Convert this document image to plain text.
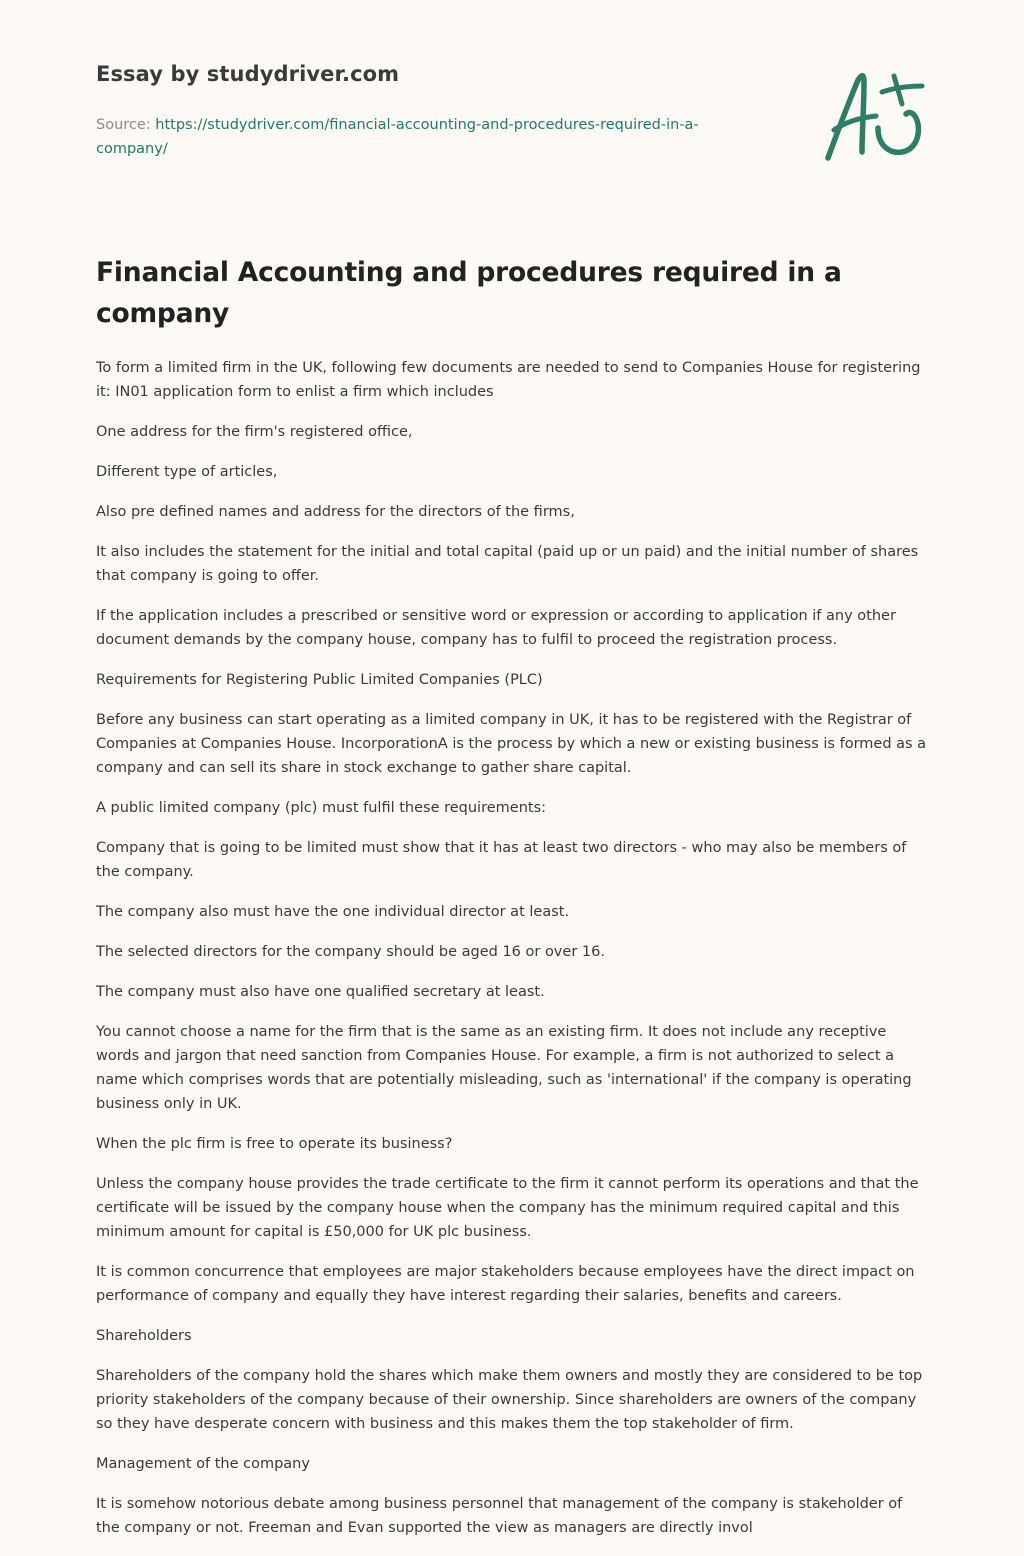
Essay by studydriver.com
Source: https://studydriver.com/financial-accounting-and-procedures-required-in-a-company/
Financial Accounting and procedures required in a company

To form a limited firm in the UK, following few documents are needed to send to Companies House for registering it: IN01 application form to enlist a firm which includes

One address for the firm's registered office,

Different type of articles,

Also pre defined names and address for the directors of the firms,

It also includes the statement for the initial and total capital (paid up or un paid) and the initial number of shares that company is going to offer.

If the application includes a prescribed or sensitive word or expression or according to application if any other document demands by the company house, company has to fulfil to proceed the registration process.

Requirements for Registering Public Limited Companies (PLC)

Before any business can start operating as a limited company in UK, it has to be registered with the Registrar of Companies at Companies House. IncorporationA is the process by which a new or existing business is formed as a company and can sell its share in stock exchange to gather share capital.

A public limited company (plc) must fulfil these requirements:

Company that is going to be limited must show that it has at least two directors - who may also be members of the company.

The company also must have the one individual director at least.

The selected directors for the company should be aged 16 or over 16.

The company must also have one qualified secretary at least.

You cannot choose a name for the firm that is the same as an existing firm. It does not include any receptive words and jargon that need sanction from Companies House. For example, a firm is not authorized to select a name which comprises words that are potentially misleading, such as 'international' if the company is operating business only in UK.

When the plc firm is free to operate its business?

Unless the company house provides the trade certificate to the firm it cannot perform its operations and that the certificate will be issued by the company house when the company has the minimum required capital and this minimum amount for capital is £50,000 for UK plc business.

It is common concurrence that employees are major stakeholders because employees have the direct impact on performance of company and equally they have interest regarding their salaries, benefits and careers.

Shareholders

Shareholders of the company hold the shares which make them owners and mostly they are considered to be top priority stakeholders of the company because of their ownership. Since shareholders are owners of the company so they have desperate concern with business and this makes them the top stakeholder of firm.

Management of the company

It is somehow notorious debate among business personnel that management of the company is stakeholder of the company or not. Freeman and Evan supported the view as managers are directly invol
